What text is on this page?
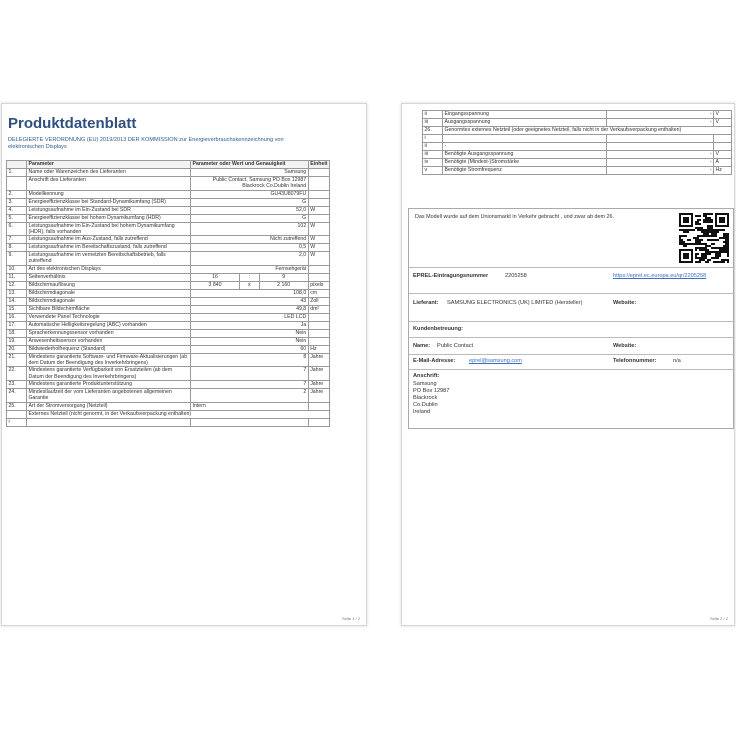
Produktdatenblatt
DELEGIERTE VERORDNUNG (EU) 2019/2013 DER KOMMISSION zur Energieverbrauchskennzeichnung von elektronischen Displays
	Parameter	Parameter oder Wert und Genauigkeit			Einheit
1.	Name oder Warenzeichen des Lieferanten	Samsung			
	Anschrift des Lieferanten	Public Contact, Samsung PO Box 12987 Blackrock Co.Dublin Ireland			
2.	Modellkennung	GU43U8079FU			
3.	Energieeffizienzklasse bei Standard-Dynamikumfang (SDR)	G			
4.	Leistungsaufnahme im Ein-Zustand bei SDR	52,0			W
5.	Energieeffizienzklasse bei hohem Dynamikumfang (HDR)	G			
6.	Leistungsaufnahme im Ein-Zustand bei hohem Dynamikumfang (HDR), falls vorhanden	102			W
7.	Leistungsaufnahme im Aus-Zustand, falls zutreffend	Nicht zutreffend			W
8.	Leistungsaufnahme im Bereitschaftszustand, falls zutreffend	0,5			W
9.	Leistungsaufnahme im vernetzten Bereitschaftsbetrieb, falls zutreffend	2,0			W
10.	Art des elektronischen Displays	Fernsehgerät			
11.	Seitenverhältnis	16	:	9	
12.	Bildschirmauflösung	3 840	x	2 160	pixels
13.	Bildschirmdiagonale	108,0			cm
14.	Bildschirmdiagonale	43			Zoll
15.	Sichtbare Bildschirmfläche	49,8			dm²
16.	Verwendete Panel Technologie	LED LCD			
17.	Automatische Helligkeitsregelung (ABC) vorhanden	Ja			
18.	Spracherkennungssensor vorhanden	Nein			
19.	Anwesenheitssensor vorhanden	Nein			
20.	Bildwiederholfrequenz (Standard)	60			Hz
21.	Mindestens garantierte Software- und Firmware-Aktualisierungen (ab dem Datum der Beendigung des Inverkehrbringens)	8			Jahre
22.	Mindestens garantierte Verfügbarkeit von Ersatzteilen (ab dem Datum der Beendigung des Inverkehrbringens)	7			Jahre
23.	Mindestens garantierte Produktunterstützung	7			Jahre
24.	Mindestlaufzeit der vom Lieferanten angebotenen allgemeinen Garantie	2			Jahre
25.	Art der Stromversorgung (Netzteil)	Intern			
	Externes Netzteil (nicht genormt, in der Verkaufsverpackung enthalten)				
i					
Seite 1 / 2
ii	Eingangsspannung	-	V
iii	Ausgangsspannung	-	V
26.	Genormtes externes Netzteil (oder geeignetes Netzteil, falls nicht in der Verkaufsverpackung enthalten)		
i			
ii	-		
iii	Benötigte Ausgangsspannung	-	V
iv	Benötigte (Mindest-)Stromstärke	-	A
v	Benötigte Stromfrequenz	-	Hz
Das Modell wurde auf dem Unionsmarkt in Verkehr gebracht , und zwar ab dem 26.
EPREL-Eintragungsnummer	2205258	https://eprel.ec.europa.eu/qr/2205258
Lieferant: SAMSUNG ELECTRONICS (UK) LIMITED (Hersteller)	Website:
Kundenbetreuung:
Name: Public Contact	Website:
E-Mail-Adresse: eprel@samsung.com	Telefonnummer:	n/a
Anschrift:
Samsung
PO Box 12987
Blackrock
Co.Dublin
Ireland
Seite 2 / 2
